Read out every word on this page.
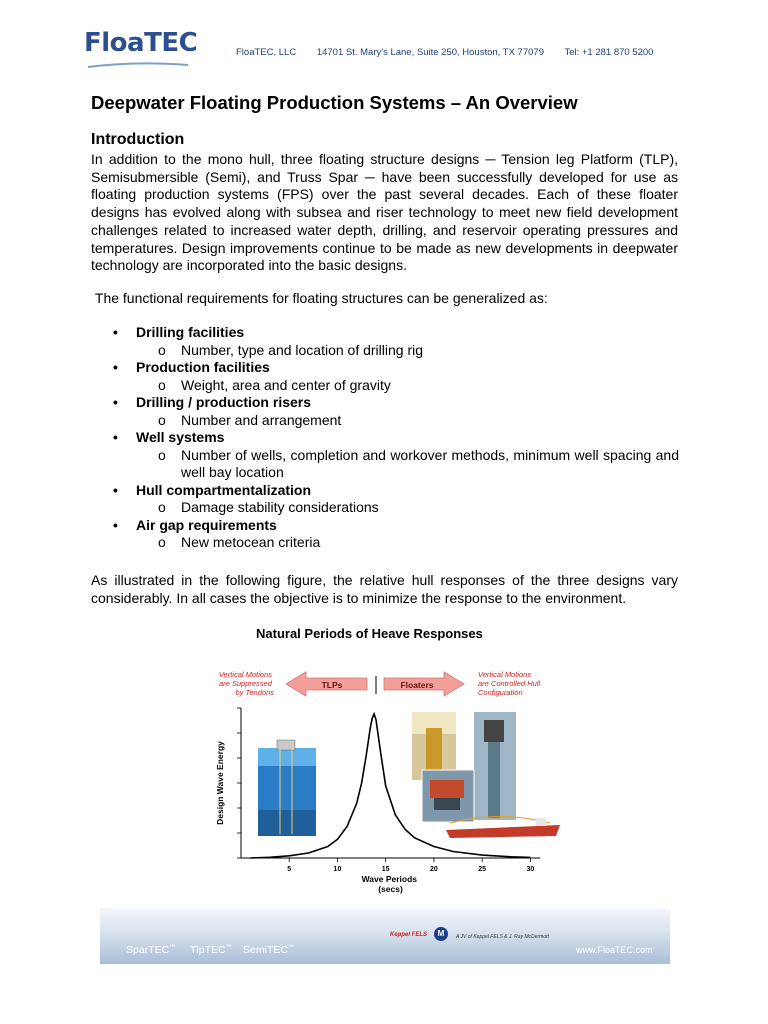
FloaTEC	FloaTEC, LLC 14701 St. Mary's Lane, Suite 250, Houston, TX 77079 Tel: +1 281 870 5200
Deepwater Floating Production Systems – An Overview
Introduction
In addition to the mono hull, three floating structure designs ─ Tension leg Platform (TLP), Semisubmersible (Semi), and Truss Spar ─ have been successfully developed for use as floating production systems (FPS) over the past several decades. Each of these floater designs has evolved along with subsea and riser technology to meet new field development challenges related to increased water depth, drilling, and reservoir operating pressures and temperatures. Design improvements continue to be made as new developments in deepwater technology are incorporated into the basic designs.
The functional requirements for floating structures can be generalized as:
• Drilling facilities
o Number, type and location of drilling rig
• Production facilities
o Weight, area and center of gravity
• Drilling / production risers
o Number and arrangement
• Well systems
o Number of wells, completion and workover methods, minimum well spacing and well bay location
• Hull compartmentalization
o Damage stability considerations
• Air gap requirements
o New metocean criteria
As illustrated in the following figure, the relative hull responses of the three designs vary considerably. In all cases the objective is to minimize the response to the environment.
Natural Periods of Heave Responses
Vertical Motions are Suppressed by Tendons
Vertical Motions are Controlled Hull Configuration
TLPs	Floaters
5	10	15	20	25	30
Wave Periods (secs)
Design Wave Energy
SparTEC™ TlpTEC™ SemiTEC™
Keppel FELS	M	A JV of Keppel FELS & J. Ray McDermott
www.FloaTEC.com
